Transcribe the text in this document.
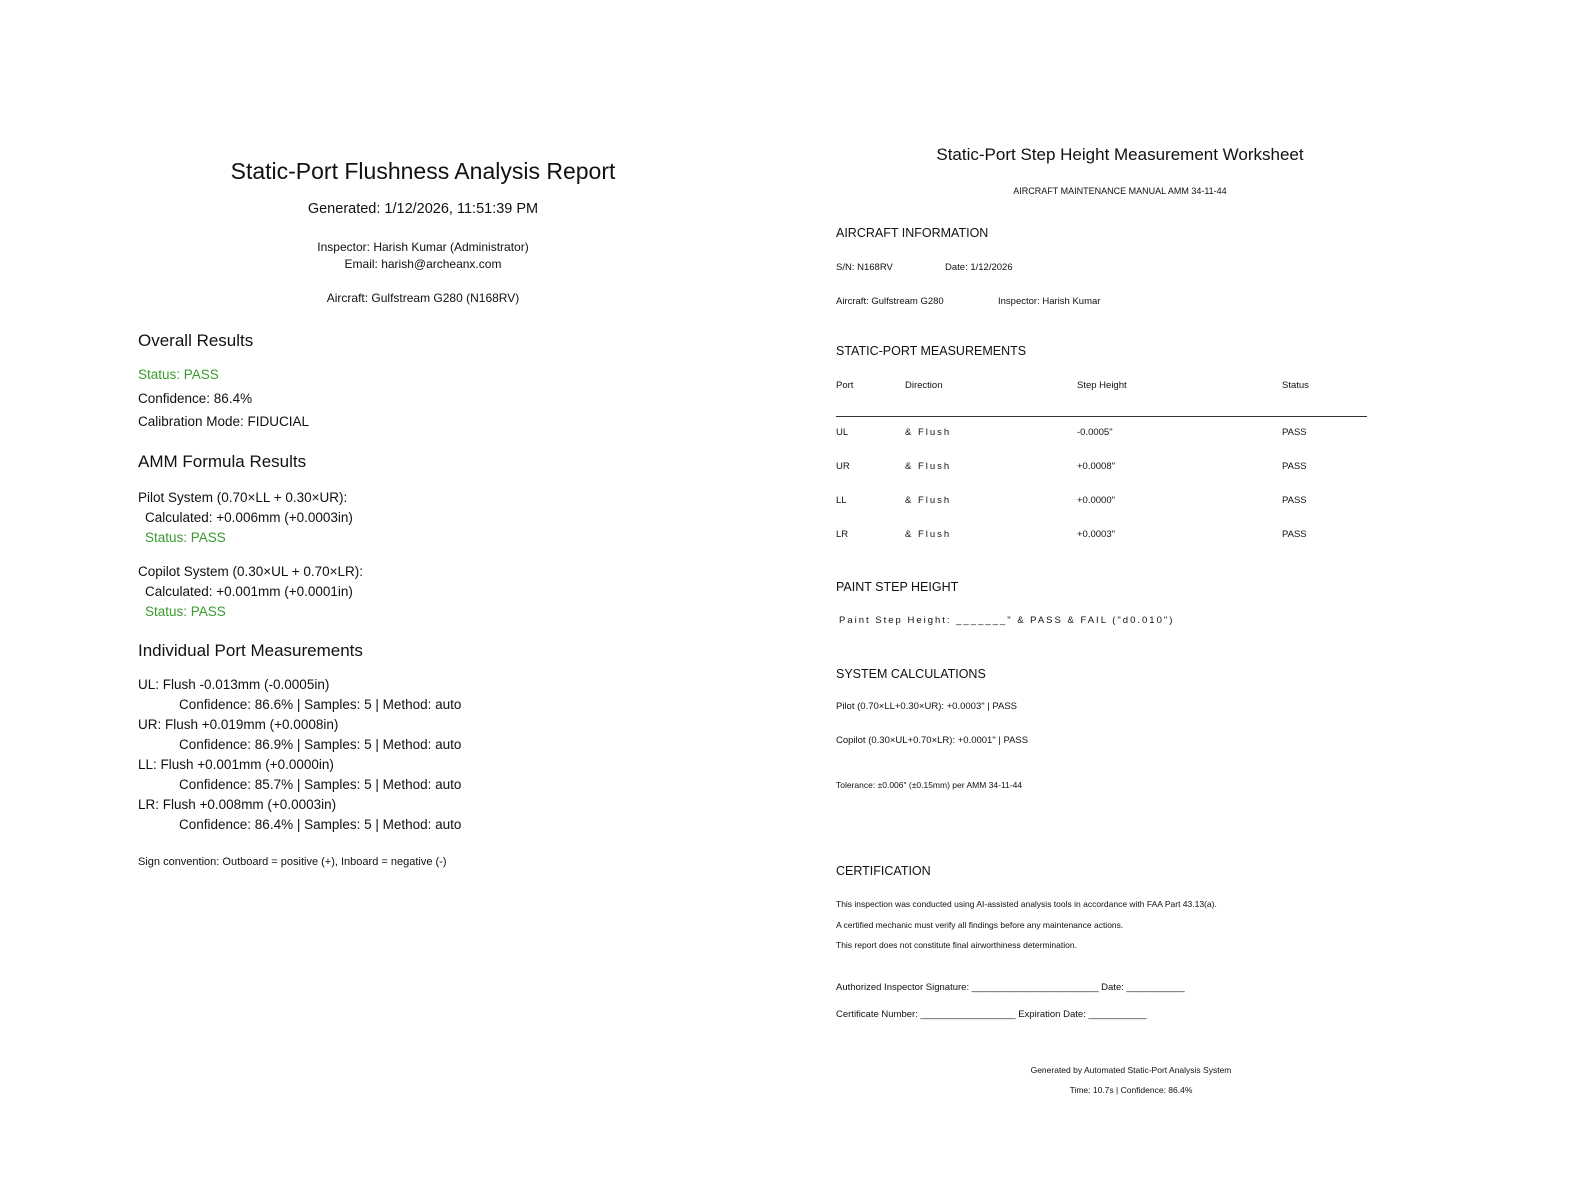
Static-Port Flushness Analysis Report
Generated: 1/12/2026, 11:51:39 PM
Inspector: Harish Kumar (Administrator)
Email: harish@archeanx.com
Aircraft: Gulfstream G280 (N168RV)
Overall Results
Status: PASS
Confidence: 86.4%
Calibration Mode: FIDUCIAL
AMM Formula Results
Pilot System (0.70×LL + 0.30×UR):
Calculated: +0.006mm (+0.0003in)
Status: PASS
Copilot System (0.30×UL + 0.70×LR):
Calculated: +0.001mm (+0.0001in)
Status: PASS
Individual Port Measurements
UL: Flush -0.013mm (-0.0005in)
Confidence: 86.6% | Samples: 5 | Method: auto
UR: Flush +0.019mm (+0.0008in)
Confidence: 86.9% | Samples: 5 | Method: auto
LL: Flush +0.001mm (+0.0000in)
Confidence: 85.7% | Samples: 5 | Method: auto
LR: Flush +0.008mm (+0.0003in)
Confidence: 86.4% | Samples: 5 | Method: auto
Sign convention: Outboard = positive (+), Inboard = negative (-)
Static-Port Step Height Measurement Worksheet
AIRCRAFT MAINTENANCE MANUAL AMM 34-11-44
AIRCRAFT INFORMATION
S/N: N168RV	Date: 1/12/2026
Aircraft: Gulfstream G280	Inspector: Harish Kumar
STATIC-PORT MEASUREMENTS
Port	Direction	Step Height	Status
UL	& Flush	-0.0005"	PASS
UR	& Flush	+0.0008"	PASS
LL	& Flush	+0.0000"	PASS
LR	& Flush	+0.0003"	PASS
PAINT STEP HEIGHT
Paint Step Height: _______" & PASS & FAIL ("d0.010")
SYSTEM CALCULATIONS
Pilot (0.70×LL+0.30×UR): +0.0003" | PASS
Copilot (0.30×UL+0.70×LR): +0.0001" | PASS
Tolerance: ±0.006" (±0.15mm) per AMM 34-11-44
CERTIFICATION
This inspection was conducted using AI-assisted analysis tools in accordance with FAA Part 43.13(a).
A certified mechanic must verify all findings before any maintenance actions.
This report does not constitute final airworthiness determination.
Authorized Inspector Signature: ________________________ Date: ___________
Certificate Number: __________________ Expiration Date: ___________
Generated by Automated Static-Port Analysis System
Time: 10.7s | Confidence: 86.4%
